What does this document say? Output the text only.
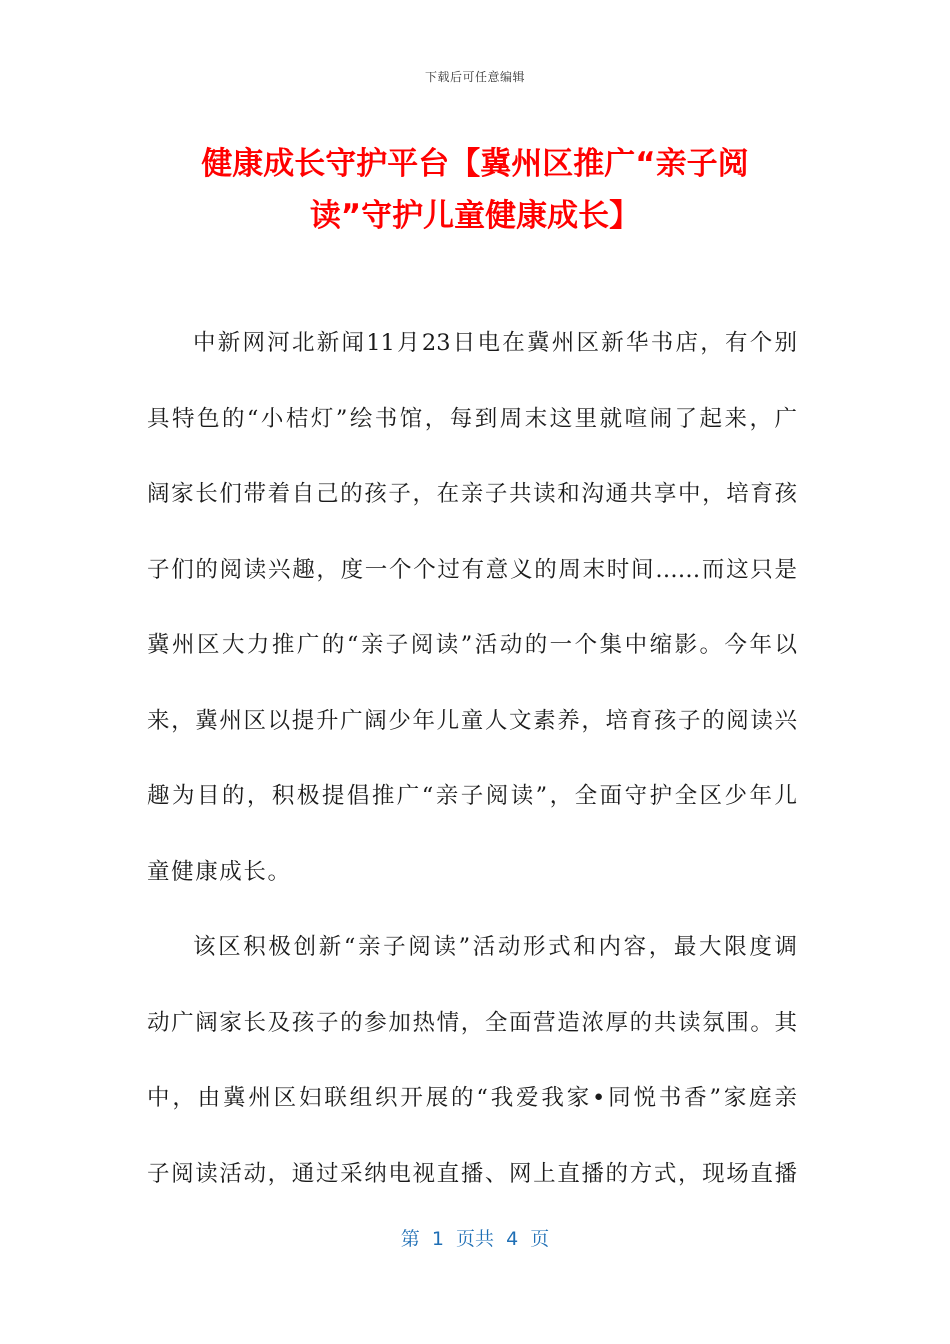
下载后可任意编辑
健康成长守护平台【冀州区推广“亲子阅
读”守护儿童健康成长】
中新网河北新闻11月23日电在冀州区新华书店，有个别
具特色的“小桔灯”绘书馆，每到周末这里就喧闹了起来，广
阔家长们带着自己的孩子，在亲子共读和沟通共享中，培育孩
子们的阅读兴趣，度一个个过有意义的周末时间……而这只是
冀州区大力推广的“亲子阅读”活动的一个集中缩影。今年以
来，冀州区以提升广阔少年儿童人文素养，培育孩子的阅读兴
趣为目的，积极提倡推广“亲子阅读”，全面守护全区少年儿
童健康成长。
该区积极创新“亲子阅读”活动形式和内容，最大限度调
动广阔家长及孩子的参加热情，全面营造浓厚的共读氛围。其
中，由冀州区妇联组织开展的“我爱我家•同悦书香”家庭亲
子阅读活动，通过采纳电视直播、网上直播的方式，现场直播
第  1  页共  4  页
